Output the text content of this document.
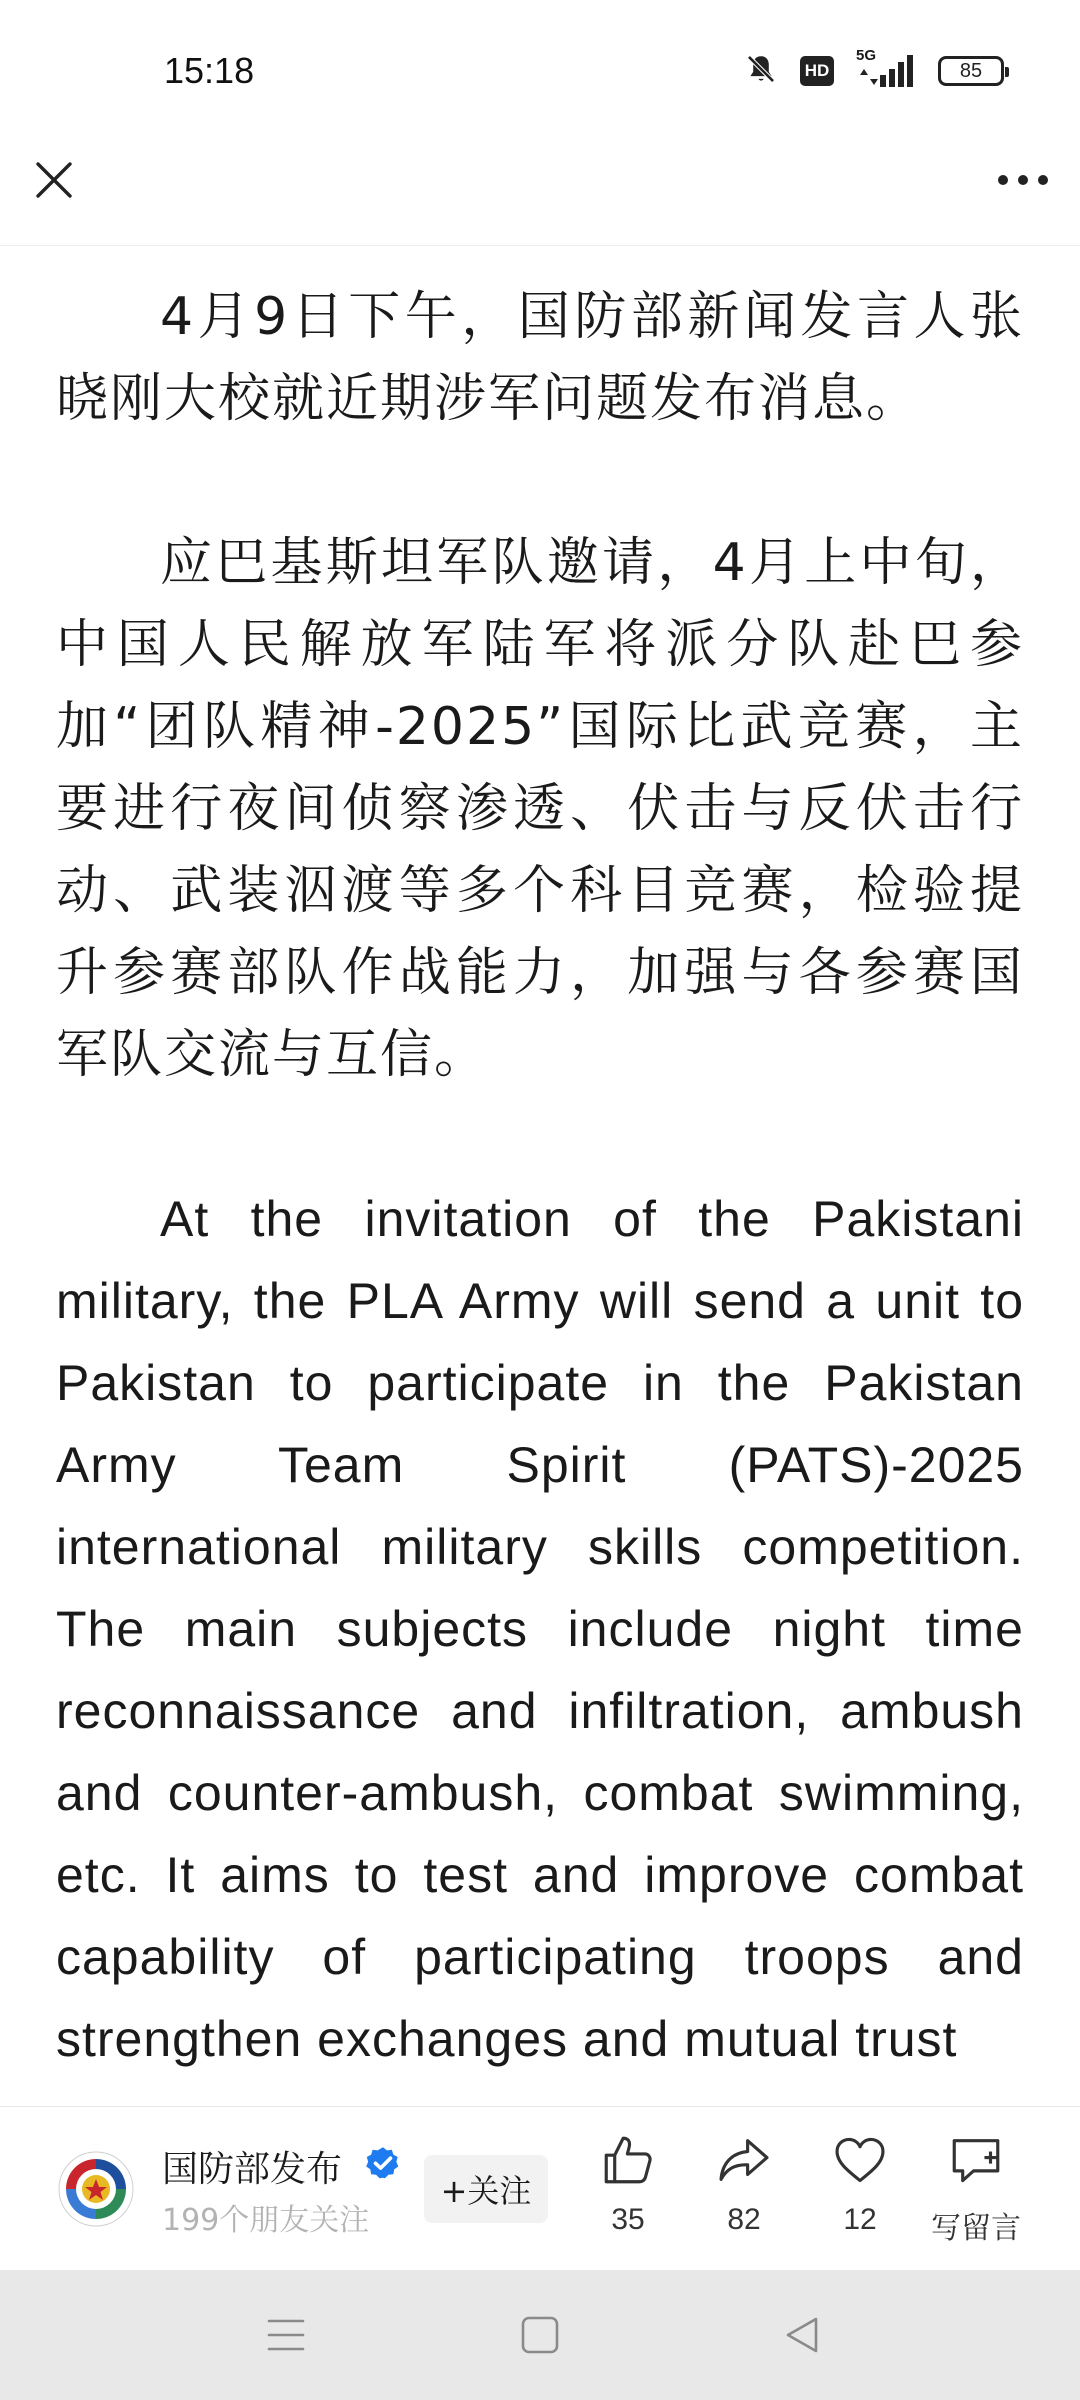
15:18	HD
5G
85

4月9日下午，国防部新闻发言人张晓刚大校就近期涉军问题发布消息。

应巴基斯坦军队邀请，4月上中旬，中国人民解放军陆军将派分队赴巴参加“团队精神-2025”国际比武竞赛，主要进行夜间侦察渗透、伏击与反伏击行动、武装泅渡等多个科目竞赛，检验提升参赛部队作战能力，加强与各参赛国军队交流与互信。

At the invitation of the Pakistani military, the PLA Army will send a unit to Pakistan to participate in the Pakistan Army Team Spirit (PATS)-2025 international military skills competition. The main subjects include night time reconnaissance and infiltration, ambush and counter-ambush, combat swimming, etc. It aims to test and improve combat capability of participating troops and strengthen exchanges and mutual trust

国防部发布
199个朋友关注
+关注
35	82	12 写留言
